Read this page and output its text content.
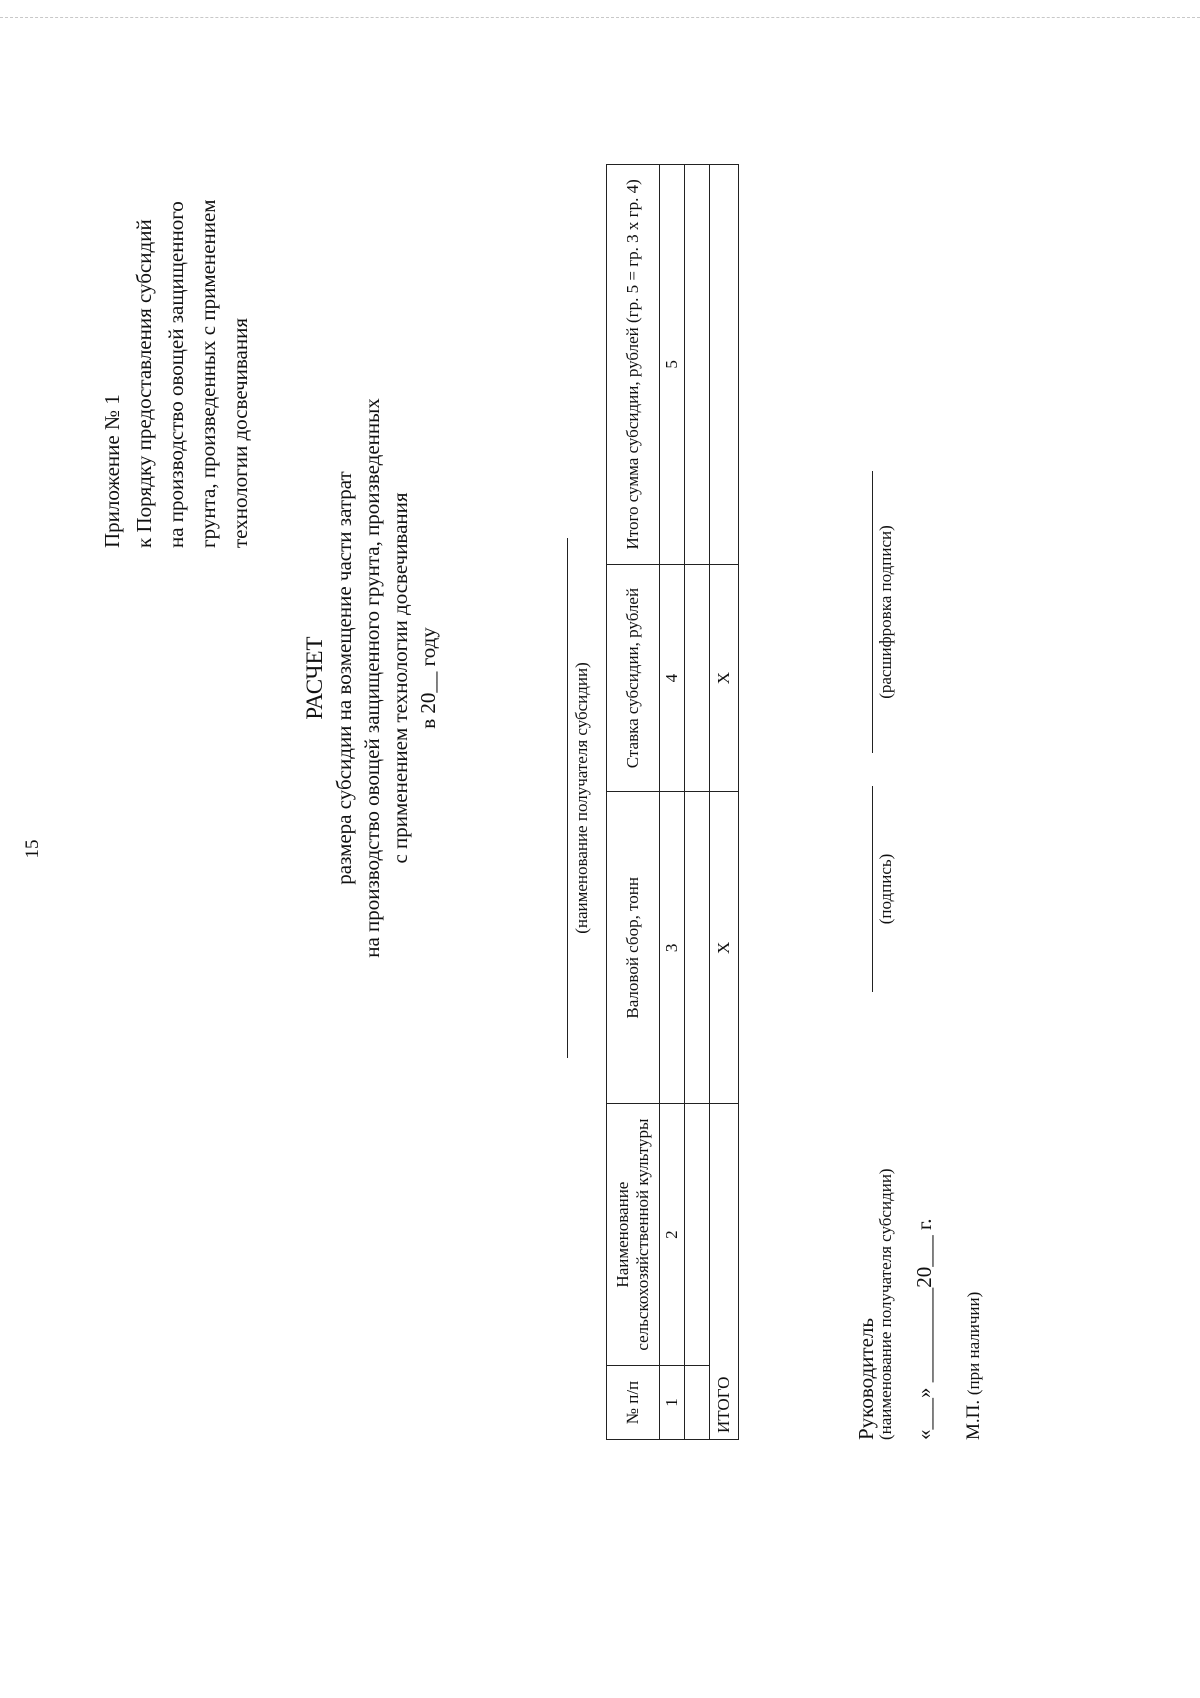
15
Приложение № 1 к Порядку предоставления субсидий на производство овощей защищенного грунта, произведенных с применением технологии досвечивания
РАСЧЕТ размера субсидии на возмещение части затрат на производство овощей защищенного грунта, произведенных с применением технологии досвечивания в 20__ году	(наименование получателя субсидии)
№ п/п	Наименование сельскохозяйственной культуры	Валовой сбор, тонн	Ставка субсидии, рублей	Итого сумма субсидии, рублей (гр. 5 = гр. 3 х гр. 4)
1	2	3	4	5

ИТОГО		Х	Х	
Руководитель
(наименование получателя субсидии)
(подпись)
(расшифровка подписи)
«___» _________20___ г. М.П. (при наличии)
